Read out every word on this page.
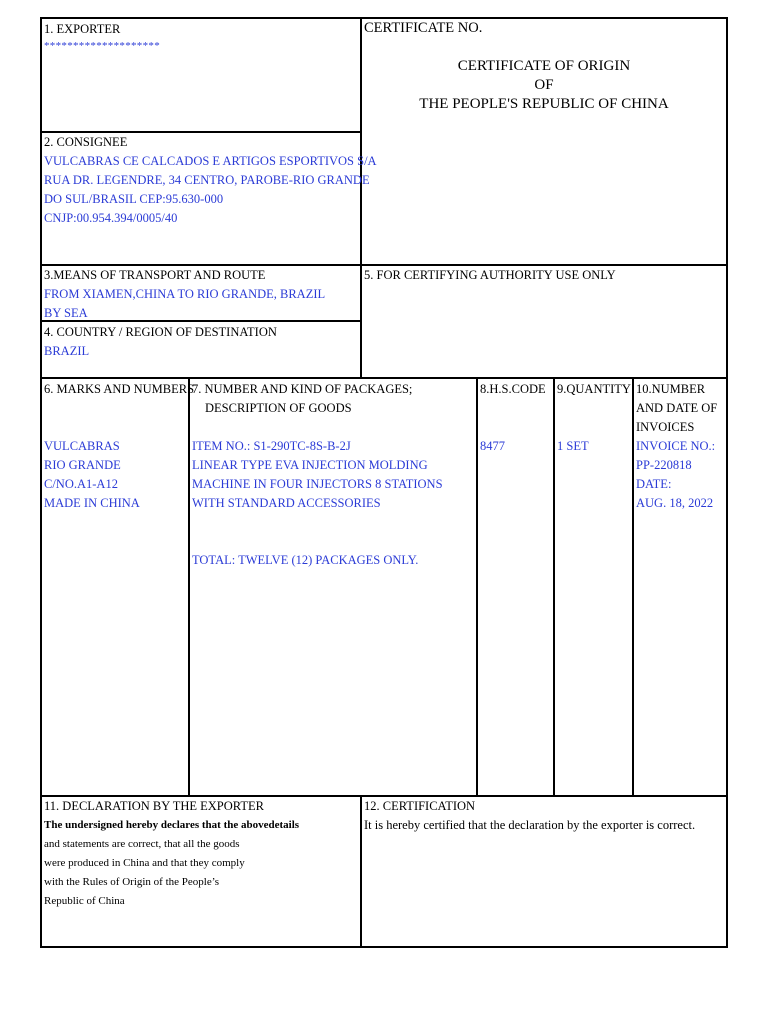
1. EXPORTER
********************
CERTIFICATE NO.
CERTIFICATE OF ORIGIN
OF
THE PEOPLE'S REPUBLIC OF CHINA
2. CONSIGNEE
VULCABRAS CE CALCADOS E ARTIGOS ESPORTIVOS S/A
RUA DR. LEGENDRE, 34 CENTRO, PAROBE-RIO GRANDE
DO SUL/BRASIL CEP:95.630-000
CNJP:00.954.394/0005/40
3.MEANS OF TRANSPORT AND ROUTE
FROM XIAMEN,CHINA TO RIO GRANDE, BRAZIL
BY SEA
5. FOR CERTIFYING AUTHORITY USE ONLY
4. COUNTRY / REGION OF DESTINATION
BRAZIL
6. MARKS AND NUMBERS
7. NUMBER AND KIND OF PACKAGES;
DESCRIPTION OF GOODS
8.H.S.CODE 9.QUANTITY 10.NUMBER
AND DATE OF
INVOICES
VULCABRAS
RIO GRANDE
C/NO.A1-A12
MADE IN CHINA
ITEM NO.: S1-290TC-8S-B-2J
LINEAR TYPE EVA INJECTION MOLDING
MACHINE IN FOUR INJECTORS 8 STATIONS
WITH STANDARD ACCESSORIES
TOTAL: TWELVE (12) PACKAGES ONLY.
8477	1 SET	INVOICE NO.:
PP-220818
DATE:
AUG. 18, 2022
11. DECLARATION BY THE EXPORTER
The undersigned hereby declares that the abovedetails
and statements are correct, that all the goods
were produced in China and that they comply
with the Rules of Origin of the People’s
Republic of China
12. CERTIFICATION
It is hereby certified that the declaration by the exporter is correct.
